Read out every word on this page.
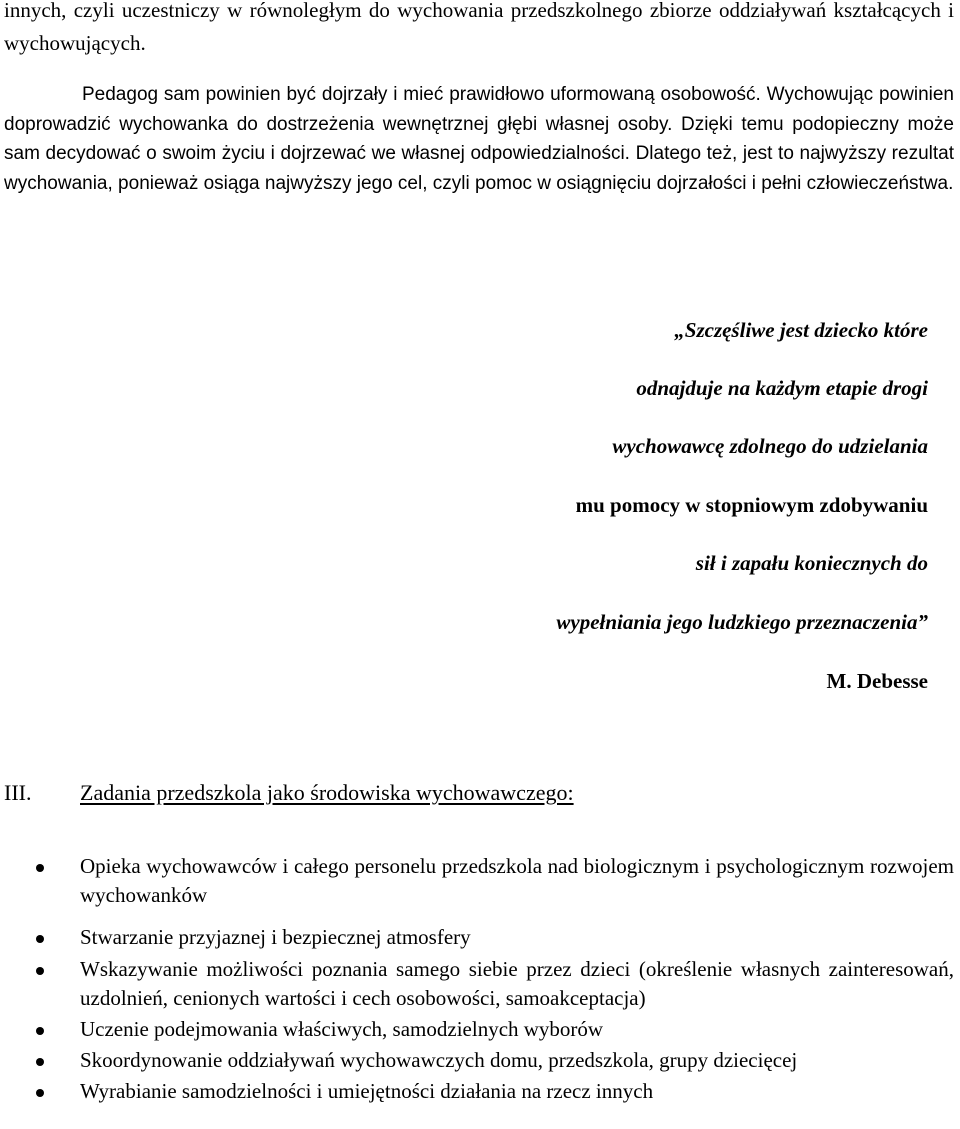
innych, czyli uczestniczy w równoległym do wychowania przedszkolnego zbiorze oddziaływań kształcących i wychowujących.

Pedagog sam powinien być dojrzały i mieć prawidłowo uformowaną osobowość. Wychowując powinien doprowadzić wychowanka do dostrzeżenia wewnętrznej głębi własnej osoby. Dzięki temu podopieczny może sam decydować o swoim życiu i dojrzewać we własnej odpowiedzialności. Dlatego też, jest to najwyższy rezultat wychowania, ponieważ osiąga najwyższy jego cel, czyli pomoc w osiągnięciu dojrzałości i pełni człowieczeństwa.

„Szczęśliwe jest dziecko które

odnajduje na każdym etapie drogi

wychowawcę zdolnego do udzielania

mu pomocy w stopniowym zdobywaniu

sił i zapału koniecznych do

wypełniania jego ludzkiego przeznaczenia”

M. Debesse

III. Zadania przedszkola jako środowiska wychowawczego:
Opieka wychowawców i całego personelu przedszkola nad biologicznym i psychologicznym rozwojem wychowanków
Stwarzanie przyjaznej i bezpiecznej atmosfery
Wskazywanie możliwości poznania samego siebie przez dzieci (określenie własnych zainteresowań, uzdolnień, cenionych wartości i cech osobowości, samoakceptacja)
Uczenie podejmowania właściwych, samodzielnych wyborów
Skoordynowanie oddziaływań wychowawczych domu, przedszkola, grupy dziecięcej
Wyrabianie samodzielności i umiejętności działania na rzecz innych
